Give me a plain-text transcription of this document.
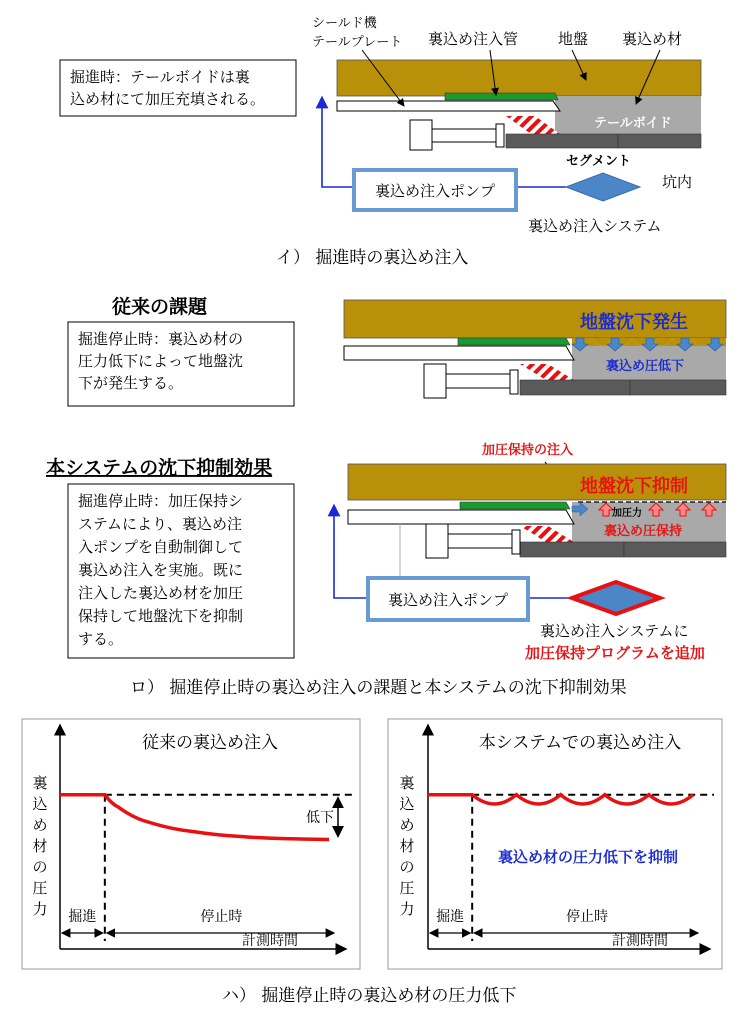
掘進時：テールボイドは裏
込め材にて加圧充填される。
シールド機
テールプレート 裏込め注入管	地盤 裏込め材
テールボイド
セグメント
裏込め注入ポンプ	坑内
裏込め注入システム
イ） 掘進時の裏込め注入
従来の課題
掘進停止時：裏込め材の
圧力低下によって地盤沈
下が発生する。
地盤沈下発生
裏込め圧低下
本システムの沈下抑制効果
掘進停止時：加圧保持シ
ステムにより、裏込め注
入ポンプを自動制御して
裏込め注入を実施。既に
注入した裏込め材を加圧
保持して地盤沈下を抑制
する。
加圧保持の注入
地盤沈下抑制
加圧力
裏込め圧保持
裏込め注入ポンプ
裏込め注入システムに
加圧保持プログラムを追加
ロ） 掘進停止時の裏込め注入の課題と本システムの沈下抑制効果
従来の裏込め注入
裏
込
め
材
の
圧
力 掘進	停止時
計測時間
低下
本システムでの裏込め注入
裏
込
め
材
の
圧
力 掘進	停止時
計測時間
裏込め材の圧力低下を抑制
ハ） 掘進停止時の裏込め材の圧力低下
